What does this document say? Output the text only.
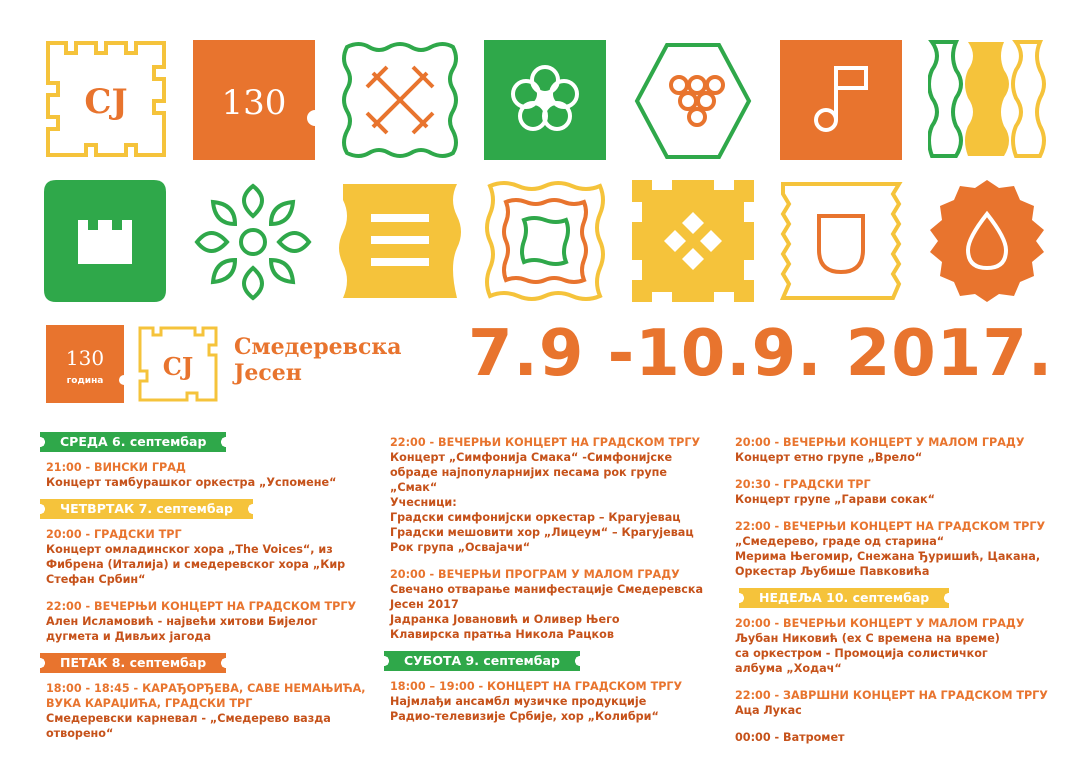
CJ	130
130
година CJ
Смедеревска
Јесен	7.9 -10.9. 2017.
СРЕДА 6. септембар

21:00 - ВИНСКИ ГРАД

Концерт тамбурашког оркестра „Успомене“

ЧЕТВРТАК 7. септембар

20:00 - ГРАДСКИ ТРГ

Концерт омладинског хора „The Voices“, из

Фибрена (Италија) и смедеревског хора „Кир

Стефан Србин“

22:00 - ВЕЧЕРЊИ КОНЦЕРТ НА ГРАДСКОМ ТРГУ

Ален Исламовић - највећи хитови Бијелог

дугмета и Дивљих јагода

ПЕТАК 8. септембар

18:00 - 18:45 - КАРАЂОРЂЕВА, САВЕ НЕМАЊИЋА,

ВУКА КАРАЏИЋА, ГРАДСКИ ТРГ

Смедеревски карневал - „Смедерево вазда отворено“

22:00 - ВЕЧЕРЊИ КОНЦЕРТ НА ГРАДСКОМ ТРГУ

Концерт „Симфонија Смака“ -Симфонијске

обраде најпопуларнијих песама рок групе

„Смак“

Учесници:

Градски симфонијски оркестар – Крагујевац

Градски мешовити хор „Лицеум“ – Крагујевац

Рок група „Освајачи“

20:00 - ВЕЧЕРЊИ ПРОГРАМ У МАЛОМ ГРАДУ

Свечано отварање манифестације Смедеревска

Јесен 2017

Јадранка Јовановић и Оливер Њего

Клавирска пратња Никола Рацков

СУБОТА 9. септембар

18:00 – 19:00 - КОНЦЕРТ НА ГРАДСКОМ ТРГУ

Најмлађи ансамбл музичке продукције

Радио-телевизије Србије, хор „Колибри“

20:00 - ВЕЧЕРЊИ КОНЦЕРТ У МАЛОМ ГРАДУ

Концерт етно групе „Врело“

20:30 - ГРАДСКИ ТРГ

Концерт групе „Гарави сокак“

22:00 - ВЕЧЕРЊИ КОНЦЕРТ НА ГРАДСКОМ ТРГУ

„Смедерево, граде од старина“

Мерима Његомир, Снежана Ђуришић, Цакана,

Оркестар Љубише Павковића

НЕДЕЉА 10. септембар

20:00 - ВЕЧЕРЊИ КОНЦЕРТ У МАЛОМ ГРАДУ

Љубан Никовић (ex С времена на време)

са оркестром - Промоција солистичког

албума „Ходач“

22:00 - ЗАВРШНИ КОНЦЕРТ НА ГРАДСКОМ ТРГУ

Аца Лукас

00:00 - Ватромет
